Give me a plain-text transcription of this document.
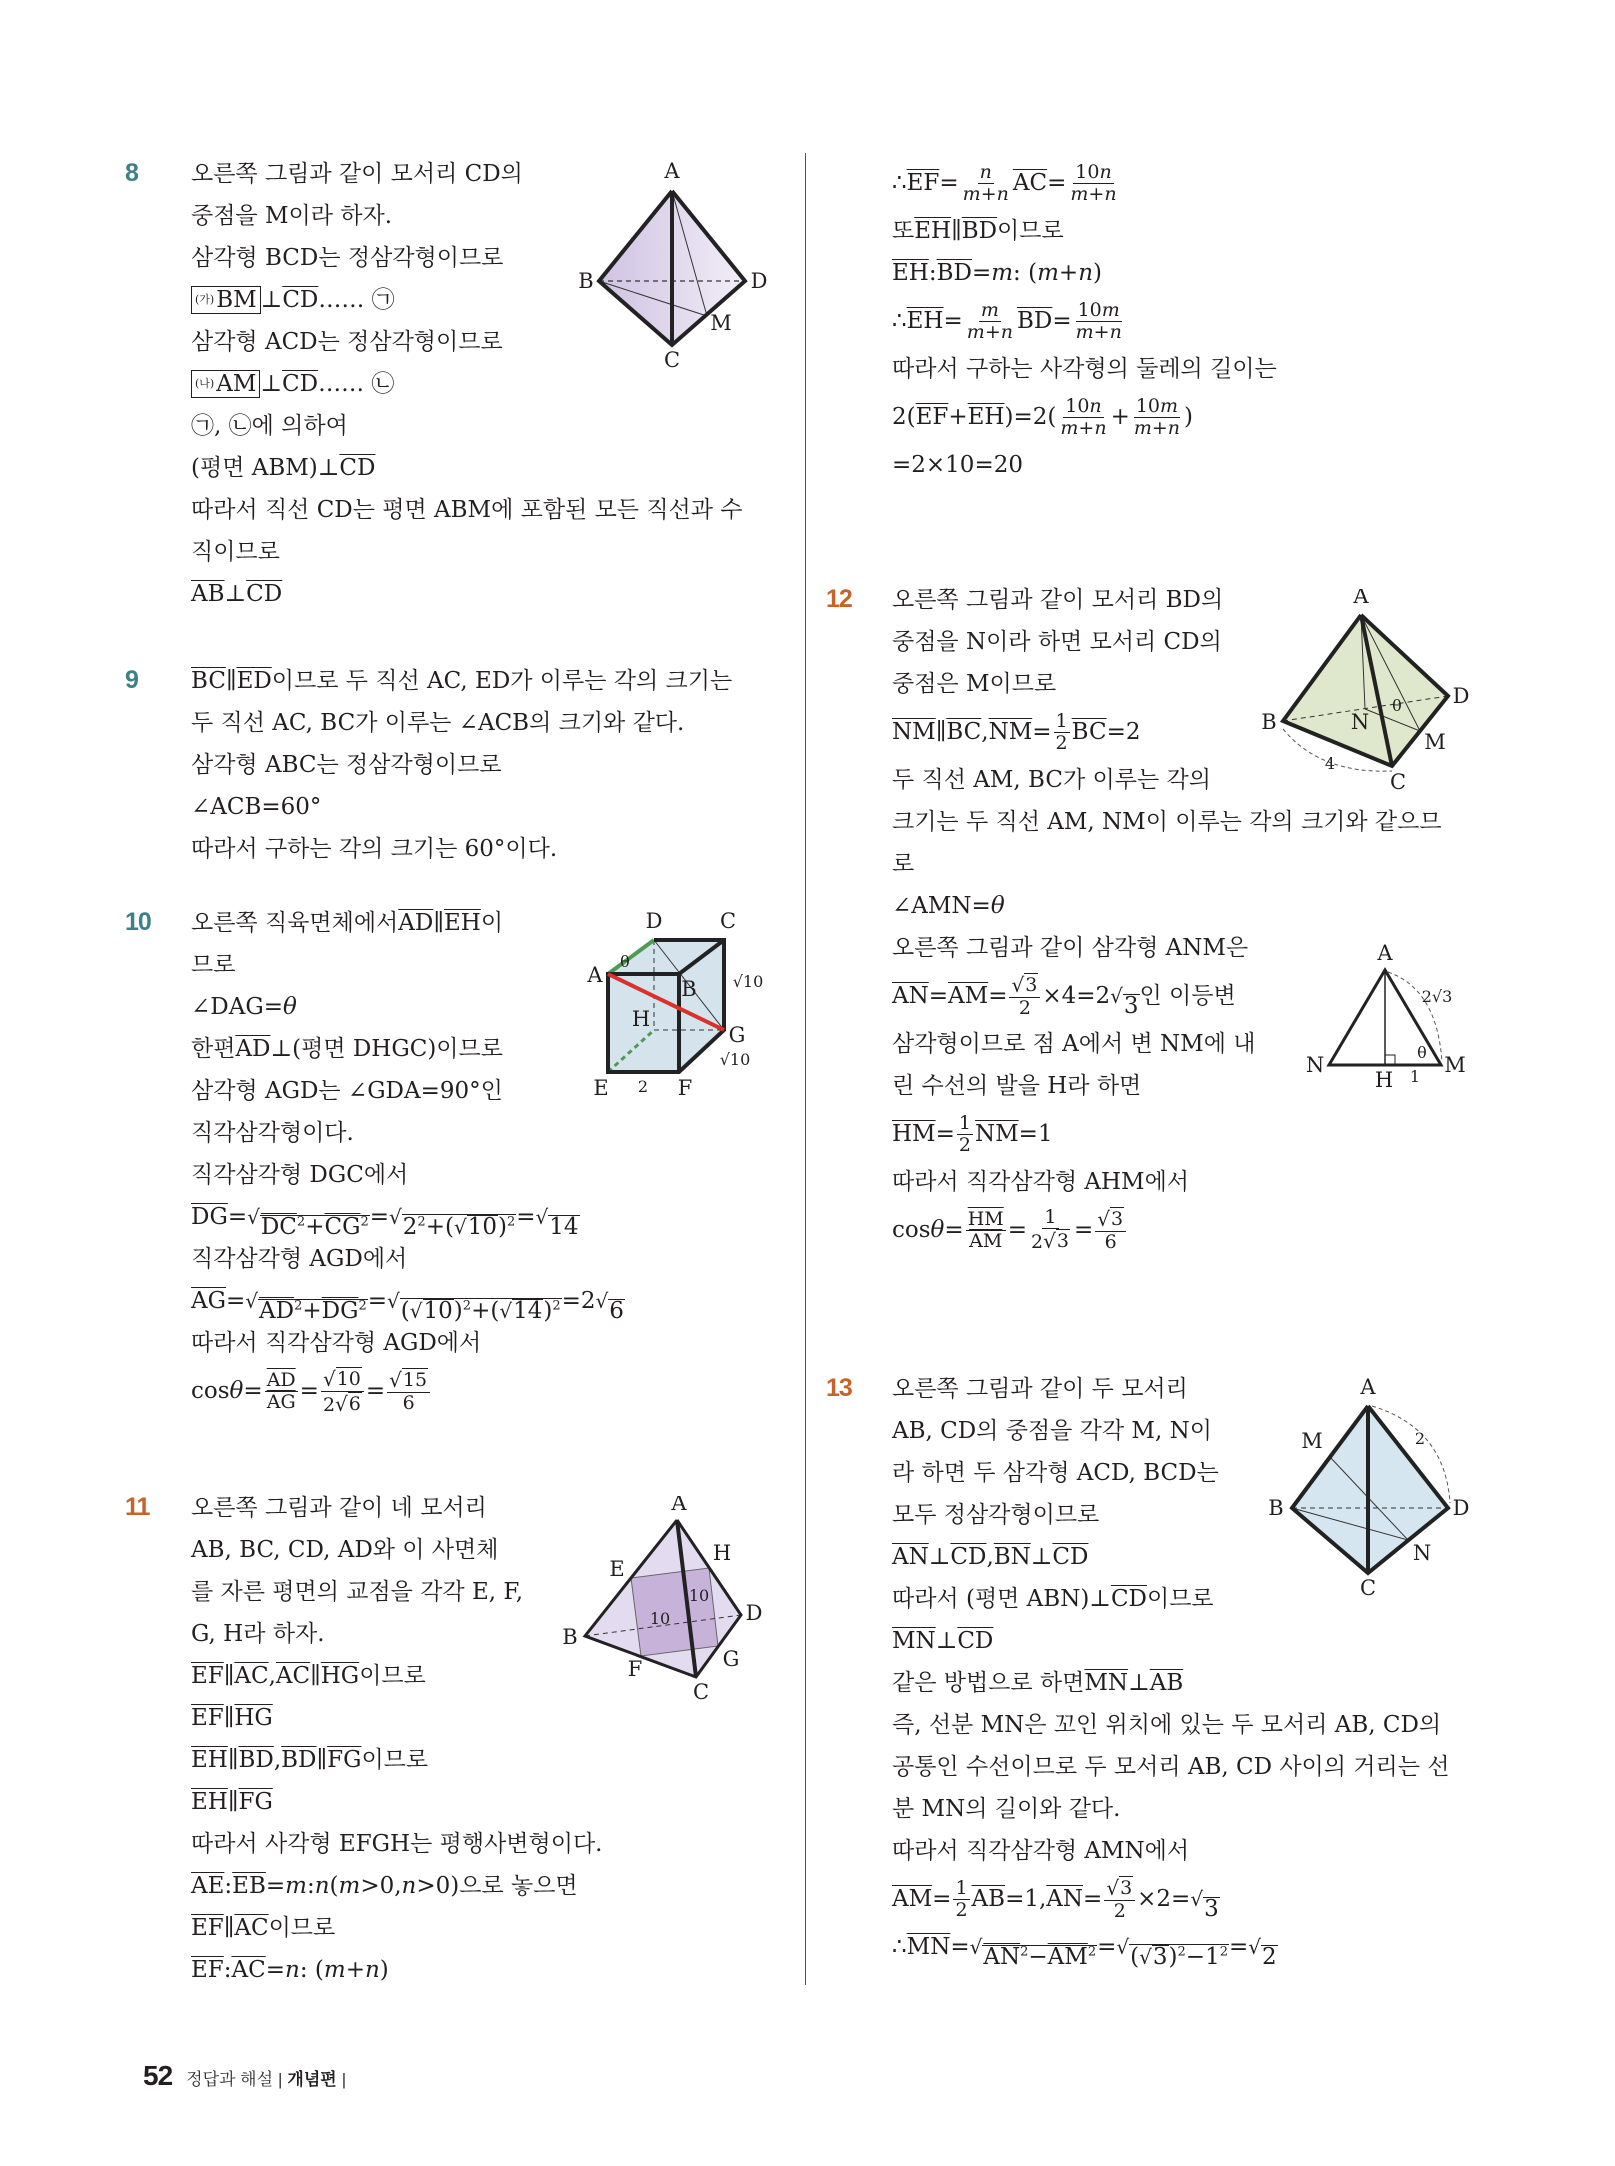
8 오른쪽 그림과 같이 모서리 CD의
중점을 M이라 하자.
삼각형 BCD는 정삼각형이므로
(가) $\overline{BM}$ ⊥ $\overline{CD}$ …… ㉠
삼각형 ACD는 정삼각형이므로
(나) $\overline{AM}$ ⊥ $\overline{CD}$ …… ㉡
㉠, ㉡에 의하여
(평면 ABM)⊥ $\overline{CD}$
따라서 직선 CD는 평면 ABM에 포함된 모든 직선과 수
직이므로
$\overline{AB}$ ⊥ $\overline{CD}$
9 $\overline{BC}$ ∥ $\overline{ED}$ 이므로 두 직선 AC, ED가 이루는 각의 크기는
두 직선 AC, BC가 이루는 ∠ACB의 크기와 같다.
삼각형 ABC는 정삼각형이므로
∠ACB=60°
따라서 구하는 각의 크기는 60°이다.
10 오른쪽 직육면체에서 $\overline{AD}$ ∥ $\overline{EH}$ 이
므로
∠DAG= θ
한편 $\overline{AD}$ ⊥(평면 DHGC)이므로
삼각형 AGD는 ∠GDA=90°인
직각삼각형이다.
직각삼각형 DGC에서
$\overline{DG}$ = √ $DC^2+\overline{CG}^2$ = √ $2^2+$( √ 10 )$^2$ = √ 14
직각삼각형 AGD에서
$\overline{AG}$ = √ $AD^2+\overline{DG}^2$ = √ ( √ 10 )$^2$+( √ 14 )$^2$ =2 √ 6
따라서 직각삼각형 AGD에서
$\cos \theta = \frac{\overline{AD}}{AG} = \frac{√ 10}{2 √ 6} = \frac{√ 15}{6}$
11 오른쪽 그림과 같이 네 모서리
AB, BC, CD, AD와 이 사면체
를 자른 평면의 교점을 각각 E, F,
G, H라 하자.
$\overline{EF}$ ∥ $\overline{AC}$ , $\overline{AC}$ ∥ $\overline{HG}$ 이므로
$\overline{EF}$ ∥ $\overline{HG}$
$\overline{EH}$ ∥ $\overline{BD}$ , $\overline{BD}$ ∥ $\overline{FG}$ 이므로
$\overline{EH}$ ∥ $\overline{FG}$
따라서 사각형 EFGH는 평행사변형이다.
$\overline{AE}$ : $\overline{EB} = m$ : n ( m >0, n >0)으로 놓으면
$\overline{EF}$ ∥ $\overline{AC}$ 이므로
$\overline{EF}$ : $\overline{AC} = n$ : ( m + n )
∴ $\overline{EF} = \frac{n}{m+n} \overline{AC} = \frac{10n}{m+n}$
또 $\overline{EH}$ ∥ $\overline{BD}$ 이므로
$\overline{EH}$ : $\overline{BD} = m$ : ( m + n )
∴ $\overline{EH} = \frac{m}{m+n} \overline{BD} = \frac{10m}{m+n}$
따라서 구하는 사각형의 둘레의 길이는
2( $\overline{EF} + \overline{EH}$ )$=2( \frac{10n}{m+n} + \frac{10m}{m+n}$ )
=2×10=20
12 오른쪽 그림과 같이 모서리 BD의
중점을 N이라 하면 모서리 CD의
중점은 M이므로
$\overline{NM}$ ∥ $\overline{BC}$ , $\overline{NM} = \frac{1}{2} \overline{BC} =2$
두 직선 AM, BC가 이루는 각의
크기는 두 직선 AM, NM이 이루는 각의 크기와 같으므
로
∠AMN= θ
오른쪽 그림과 같이 삼각형 ANM은
$\overline{AN} = \overline{AM} = \frac{√ 3}{2} \times 4=2$ √ 3 인 이등변
삼각형이므로 점 A에서 변 NM에 내
린 수선의 발을 H라 하면
$\overline{HM} = \frac{1}{2} \overline{NM} =1$
따라서 직각삼각형 AHM에서
$\cos \theta = \frac{\overline{HM}}{AM} = \frac{1}{2 √ 3} = \frac{√ 3}{6}$
13 오른쪽 그림과 같이 두 모서리
AB, CD의 중점을 각각 M, N이
라 하면 두 삼각형 ACD, BCD는
모두 정삼각형이므로
$\overline{AN}$ ⊥ $\overline{CD}$ , $\overline{BN}$ ⊥ $\overline{CD}$
따라서 (평면 ABN)⊥ $\overline{CD}$ 이므로
$\overline{MN}$ ⊥ $\overline{CD}$
같은 방법으로 하면 $\overline{MN}$ ⊥ $\overline{AB}$
즉, 선분 MN은 꼬인 위치에 있는 두 모서리 AB, CD의
공통인 수선이므로 두 모서리 AB, CD 사이의 거리는 선
분 MN의 길이와 같다.
따라서 직각삼각형 AMN에서
$\overline{AM} = \frac{1}{2} \overline{AB} =1$, $\overline{AN} = \frac{√ 3}{2} \times 2=$ √ 3
∴ $\overline{MN}$ = √ $AN^2-\overline{AM}^2$ = √ ( √ 3 )$^2-1^2$ = √ 2
A
B	D
C
M
D	C
A
B
H
G
E	F
θ
√10
√10
2
A
B
D
C
E
H
F	G
10
10
A
B
D
C
N
M
θ
4
A
N	M
H
2√3
1
θ
A
B	D
C
M
N
2
52 정답과 해설 | 개념편 |
